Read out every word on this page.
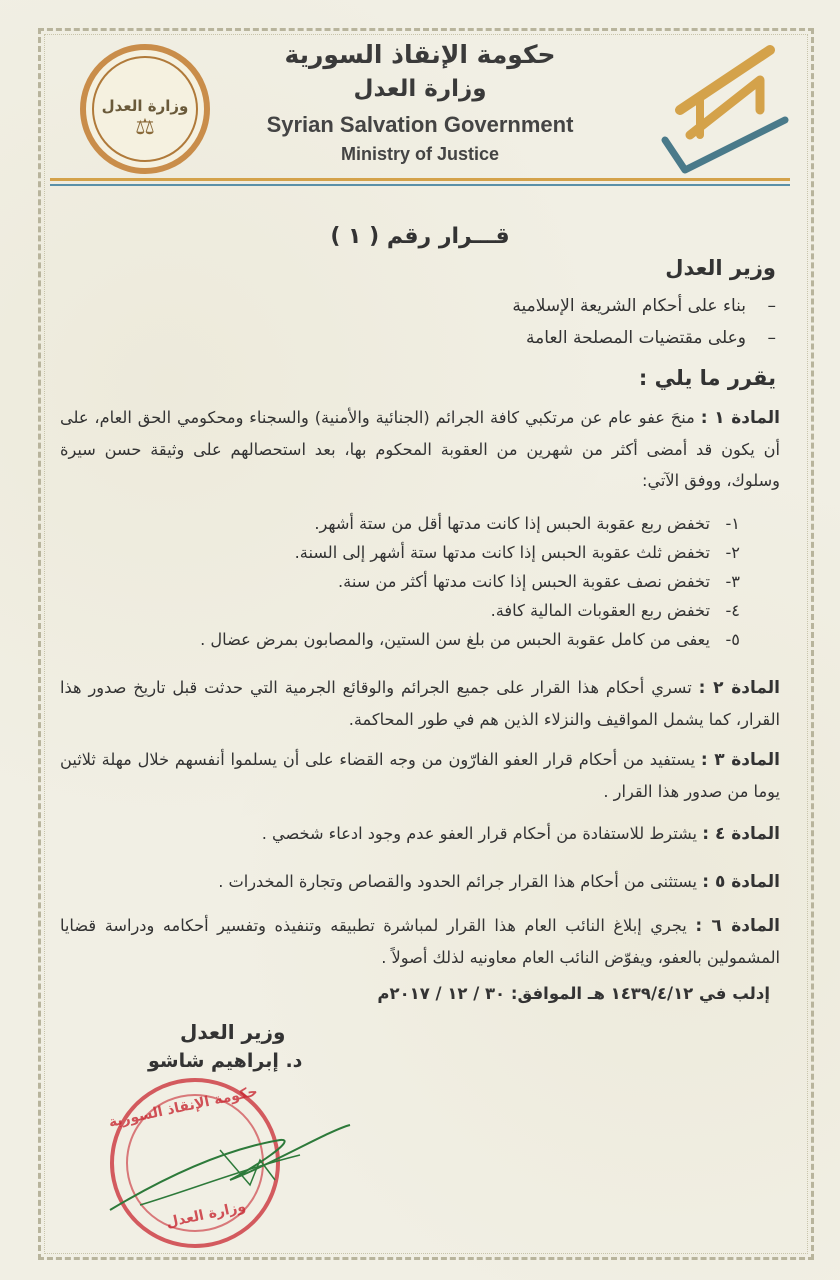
وزارة العدل
⚖
حكومة الإنقاذ السورية
وزارة العدل
Syrian Salvation Government
Ministry of Justice
سوريا
قـــرار رقم ( ١ )
وزير العدل
–بناء على أحكام الشريعة الإسلامية
–وعلى مقتضيات المصلحة العامة
يقرر ما يلي :
المادة ١ : منحَ عفو عام عن مرتكبي كافة الجرائم (الجنائية والأمنية) والسجناء ومحكومي الحق العام، على أن يكون قد أمضى أكثر من شهرين من العقوبة المحكوم بها، بعد استحصالهم على وثيقة حسن سيرة وسلوك، ووفق الآتي:
١-تخفض ربع عقوبة الحبس إذا كانت مدتها أقل من ستة أشهر.
٢-تخفض ثلث عقوبة الحبس إذا كانت مدتها ستة أشهر إلى السنة.
٣-تخفض نصف عقوبة الحبس إذا كانت مدتها أكثر من سنة.
٤-تخفض ربع العقوبات المالية كافة.
٥-يعفى من كامل عقوبة الحبس من بلغ سن الستين، والمصابون بمرض عضال .
المادة ٢ : تسري أحكام هذا القرار على جميع الجرائم والوقائع الجرمية التي حدثت قبل تاريخ صدور هذا القرار، كما يشمل المواقيف والنزلاء الذين هم في طور المحاكمة.
المادة ٣ : يستفيد من أحكام قرار العفو الفارّون من وجه القضاء على أن يسلموا أنفسهم خلال مهلة ثلاثين يوما من صدور هذا القرار .
المادة ٤ : يشترط للاستفادة من أحكام قرار العفو عدم وجود ادعاء شخصي .
المادة ٥ : يستثنى من أحكام هذا القرار جرائم الحدود والقصاص وتجارة المخدرات .
المادة ٦ : يجري إبلاغ النائب العام هذا القرار لمباشرة تطبيقه وتنفيذه وتفسير أحكامه ودراسة قضايا المشمولين بالعفو، ويفوّض النائب العام معاونيه لذلك أصولاً .
إدلب في ١٤٣٩/٤/١٢ هـ الموافق: ٣٠ / ١٢ / ٢٠١٧م
وزير العدل
د. إبراهيم شاشو
حكومة الإنقاذ السورية
وزارة العدل
